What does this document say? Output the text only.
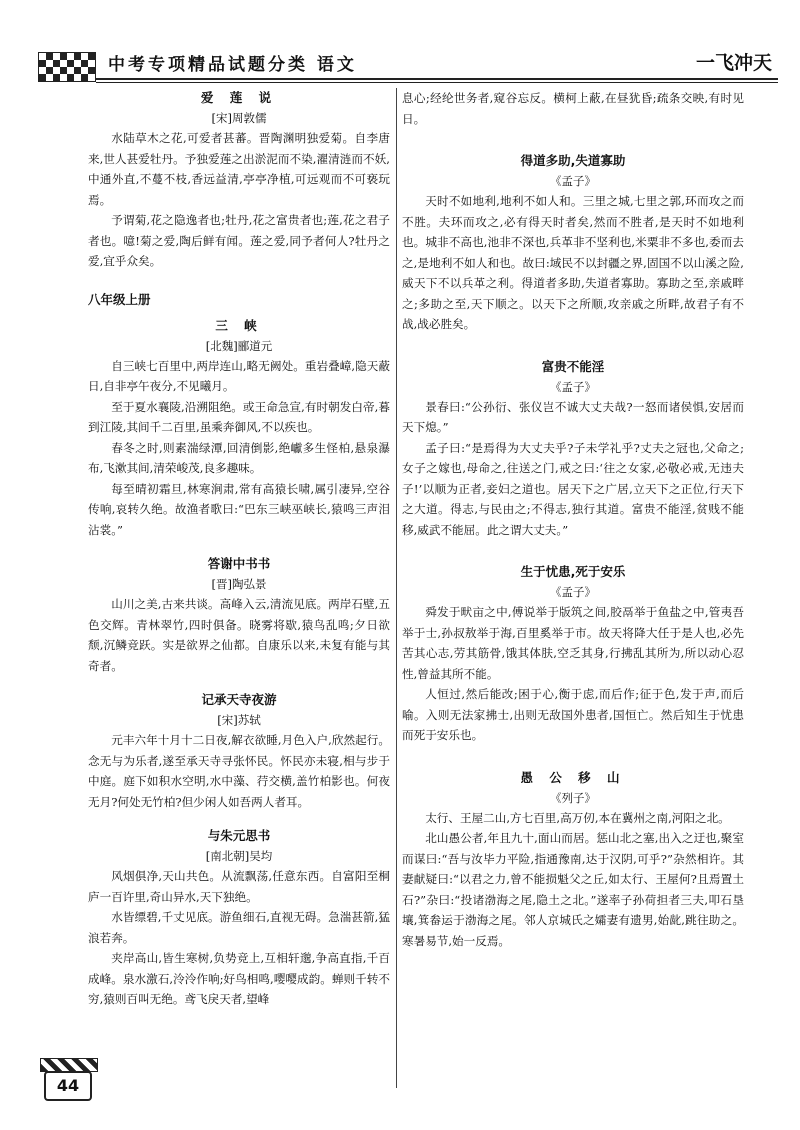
中考专项精品试题分类 语文	一飞冲天
爱 莲 说
[宋]周敦儒

水陆草木之花,可爱者甚蕃。晋陶渊明独爱菊。自李唐来,世人甚爱牡丹。予独爱莲之出淤泥而不染,濯清涟而不妖,中通外直,不蔓不枝,香远益清,亭亭净植,可远观而不可亵玩焉。

予谓菊,花之隐逸者也;牡丹,花之富贵者也;莲,花之君子者也。噫!菊之爱,陶后鲜有闻。莲之爱,同予者何人?牡丹之爱,宜乎众矣。

八年级上册
三 峡
[北魏]郦道元

自三峡七百里中,两岸连山,略无阙处。重岩叠嶂,隐天蔽日,自非亭午夜分,不见曦月。

至于夏水襄陵,沿溯阻绝。或王命急宣,有时朝发白帝,暮到江陵,其间千二百里,虽乘奔御风,不以疾也。

春冬之时,则素湍绿潭,回清倒影,绝巘多生怪柏,悬泉瀑布,飞漱其间,清荣峻茂,良多趣味。

每至晴初霜旦,林寒涧肃,常有高猿长啸,属引凄异,空谷传响,哀转久绝。故渔者歌曰:“巴东三峡巫峡长,猿鸣三声泪沾裳。”

答谢中书书
[晋]陶弘景

山川之美,古来共谈。高峰入云,清流见底。两岸石壁,五色交辉。青林翠竹,四时俱备。晓雾将歇,猿鸟乱鸣;夕日欲颓,沉鳞竞跃。实是欲界之仙都。自康乐以来,未复有能与其奇者。

记承天寺夜游
[宋]苏轼

元丰六年十月十二日夜,解衣欲睡,月色入户,欣然起行。念无与为乐者,遂至承天寺寻张怀民。怀民亦未寝,相与步于中庭。庭下如积水空明,水中藻、荇交横,盖竹柏影也。何夜无月?何处无竹柏?但少闲人如吾两人者耳。

与朱元思书
[南北朝]吴均

风烟俱净,天山共色。从流飘荡,任意东西。自富阳至桐庐一百许里,奇山异水,天下独绝。

水皆缥碧,千丈见底。游鱼细石,直视无碍。急湍甚箭,猛浪若奔。

夹岸高山,皆生寒树,负势竞上,互相轩邈,争高直指,千百成峰。泉水激石,泠泠作响;好鸟相鸣,嘤嘤成韵。蝉则千转不穷,猿则百叫无绝。鸢飞戾天者,望峰

息心;经纶世务者,窥谷忘反。横柯上蔽,在昼犹昏;疏条交映,有时见日。

得道多助,失道寡助
《孟子》

天时不如地利,地利不如人和。三里之城,七里之郭,环而攻之而不胜。夫环而攻之,必有得天时者矣,然而不胜者,是天时不如地利也。城非不高也,池非不深也,兵革非不坚利也,米粟非不多也,委而去之,是地利不如人和也。故曰:域民不以封疆之界,固国不以山溪之险,威天下不以兵革之利。得道者多助,失道者寡助。寡助之至,亲戚畔之;多助之至,天下顺之。以天下之所顺,攻亲戚之所畔,故君子有不战,战必胜矣。

富贵不能淫
《孟子》

景春曰:“公孙衍、张仪岂不诚大丈夫哉?一怒而诸侯惧,安居而天下熄。”

孟子曰:“是焉得为大丈夫乎?子未学礼乎?丈夫之冠也,父命之;女子之嫁也,母命之,往送之门,戒之曰:‘往之女家,必敬必戒,无违夫子!’以顺为正者,妾妇之道也。居天下之广居,立天下之正位,行天下之大道。得志,与民由之;不得志,独行其道。富贵不能淫,贫贱不能移,威武不能屈。此之谓大丈夫。”

生于忧患,死于安乐
《孟子》

舜发于畎亩之中,傅说举于版筑之间,胶鬲举于鱼盐之中,管夷吾举于士,孙叔敖举于海,百里奚举于市。故天将降大任于是人也,必先苦其心志,劳其筋骨,饿其体肤,空乏其身,行拂乱其所为,所以动心忍性,曾益其所不能。

人恒过,然后能改;困于心,衡于虑,而后作;征于色,发于声,而后喻。入则无法家拂士,出则无敌国外患者,国恒亡。然后知生于忧患而死于安乐也。

愚 公 移 山
《列子》

太行、王屋二山,方七百里,高万仞,本在冀州之南,河阳之北。

北山愚公者,年且九十,面山而居。惩山北之塞,出入之迂也,聚室而谋曰:“吾与汝毕力平险,指通豫南,达于汉阴,可乎?”杂然相许。其妻献疑曰:“以君之力,曾不能损魁父之丘,如太行、王屋何?且焉置土石?”杂曰:“投诸渤海之尾,隐土之北。”遂率子孙荷担者三夫,叩石垦壤,箕畚运于渤海之尾。邻人京城氏之孀妻有遗男,始龀,跳往助之。寒暑易节,始一反焉。

44
